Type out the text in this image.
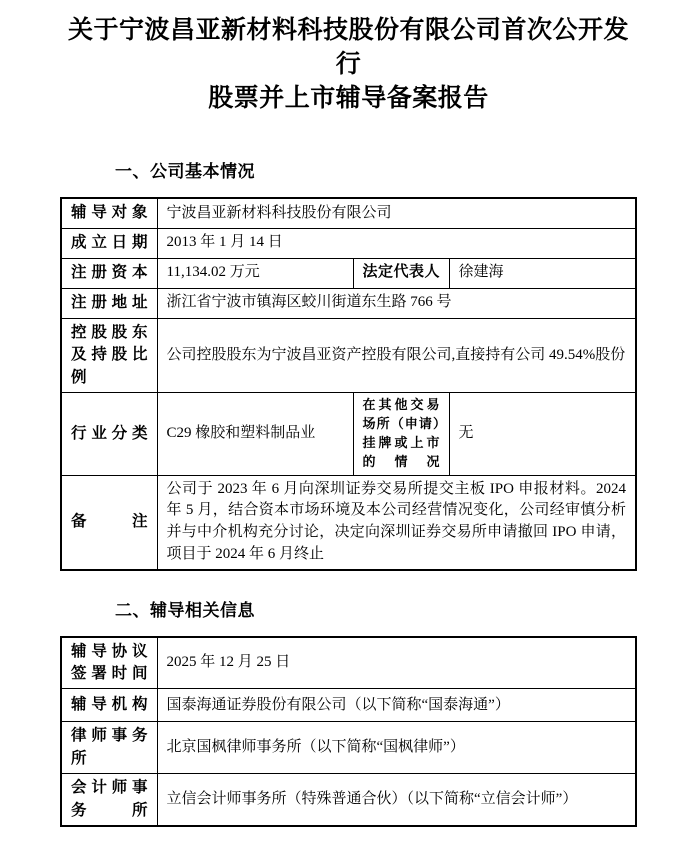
关于宁波昌亚新材料科技股份有限公司首次公开发行
股票并上市辅导备案报告
一、公司基本情况
辅导对象	宁波昌亚新材料科技股份有限公司		
成立日期	2013 年 1 月 14 日		
注册资本	11,134.02 万元	法定代表人	徐建海
注册地址	浙江省宁波市镇海区蛟川街道东生路 766 号		
控股股东及持股比例	公司控股股东为宁波昌亚资产控股有限公司,直接持有公司 49.54%股份		
行业分类	C29 橡胶和塑料制品业	在其他交易场所（申请）挂牌或上市的情况	无
备　注	公司于 2023 年 6 月向深圳证券交易所提交主板 IPO 申报材料。2024 年 5 月，结合资本市场环境及本公司经营情况变化，公司经审慎分析并与中介机构充分讨论，决定向深圳证券交易所申请撤回 IPO 申请，项目于 2024 年 6 月终止		
二、辅导相关信息
辅导协议签署时间	2025 年 12 月 25 日
辅导机构	国泰海通证券股份有限公司（以下简称“国泰海通”）
律师事务所	北京国枫律师事务所（以下简称“国枫律师”）
会计师事务所	立信会计师事务所（特殊普通合伙）（以下简称“立信会计师”）
